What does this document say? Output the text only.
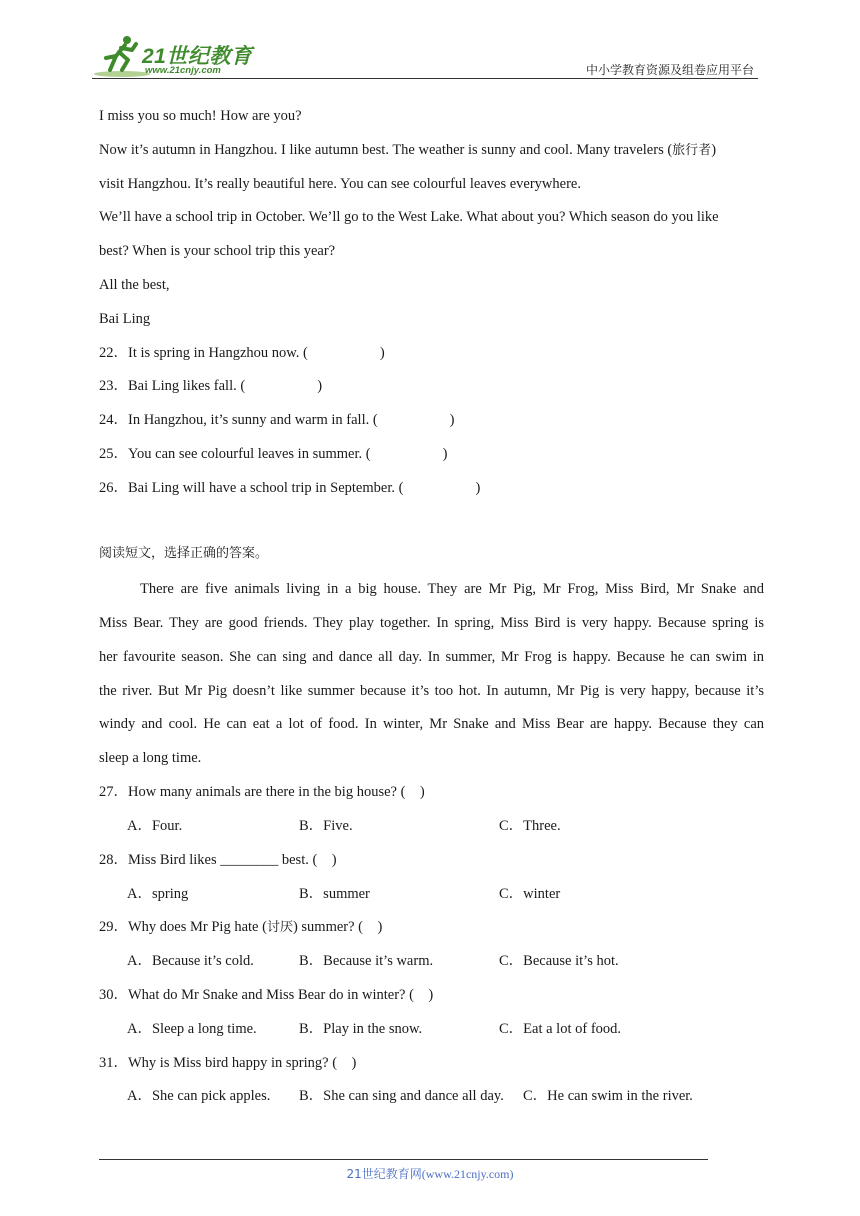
21世纪教育
www.21cnjy.com	中小学教育资源及组卷应用平台
I miss you so much! How are you?
Now it’s autumn in Hangzhou. I like autumn best. The weather is sunny and cool. Many travelers (旅行者)
visit Hangzhou. It’s really beautiful here. You can see colourful leaves everywhere.
We’ll have a school trip in October. We’ll go to the West Lake. What about you? Which season do you like
best? When is your school trip this year?
All the best,
Bai Ling
22．It is spring in Hangzhou now. (	)
23．Bai Ling likes fall. (	)
24．In Hangzhou, it’s sunny and warm in fall. (	)
25．You can see colourful leaves in summer. (	)
26．Bai Ling will have a school trip in September. (	)
阅读短文，选择正确的答案。
There are five animals living in a big house. They are Mr Pig, Mr Frog, Miss Bird, Mr Snake and
Miss Bear. They are good friends. They play together. In spring, Miss Bird is very happy. Because spring is
her favourite season. She can sing and dance all day. In summer, Mr Frog is happy. Because he can swim in
the river. But Mr Pig doesn’t like summer because it’s too hot. In autumn, Mr Pig is very happy, because it’s
windy and cool. He can eat a lot of food. In winter, Mr Snake and Miss Bear are happy. Because they can
sleep a long time.
27．How many animals are there in the big house? (　)
A．Four.	B．Five.	C．Three.
28．Miss Bird likes ________ best. (　)
A．spring	B．summer	C．winter
29．Why does Mr Pig hate (讨厌) summer? (　)
A．Because it’s cold.	B．Because it’s warm.	C．Because it’s hot.
30．What do Mr Snake and Miss Bear do in winter? (　)
A．Sleep a long time.	B．Play in the snow.	C．Eat a lot of food.
31．Why is Miss bird happy in spring? (　)
A．She can pick apples. B．She can sing and dance all day. C．He can swim in the river.
21世纪教育网(www.21cnjy.com)
